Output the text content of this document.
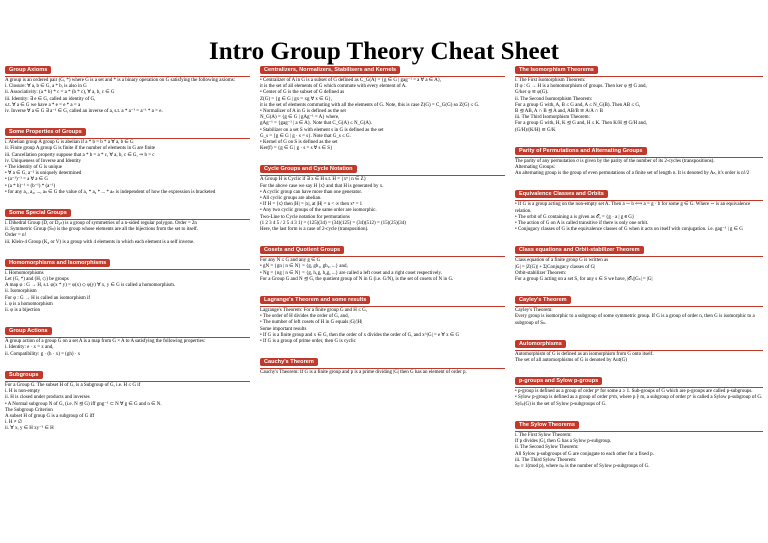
Intro Group Theory Cheat Sheet
Group Axioms
A group is an ordered pair (G, *) where G is a set and * is a binary operation on G satisfying the following axioms:
i. Closure: ∀ a, b ∈ G, a * b, is also in G
ii. Associativity: (a * b) * c = a * (b * c), ∀ a, b, c ∈ G
iii. Identity: ∃ e ∈ G, called an identity of G,
s.t. ∀ a ∈ G we have a * e = e * a = a
iv. Inverse ∀ a ∈ G ∃ a⁻¹ ∈ G, called an inverse of a, s.t. a * a⁻¹ = a⁻¹ * a = e.
Some Properties of Groups
i. Abelian group A group G is abelian if a * b = b * a ∀ a, b ∈ G
ii. Finite group A group G is finite if the number of elements in G are finite
iii. Cancellation property suppose that a * b = a * c, ∀ a, b, c ∈ G, ⇒ b = c
iv. Uniqueness of Inverse and Identity
• The identity of G is unique
• ∀ a ∈ G, a⁻¹ is uniquely determined
• (a⁻¹)⁻¹ = a ∀ a ∈ G
• (a * b)⁻¹ = (b⁻¹) * (a⁻¹)
• for any a₁, a₂, ..., aₙ ∈ G the value of a₁ * a₂ * ... * aₙ is independent of how the expression is bracketed
Some Special Groups
i. Dihedral Group (D, or D₂ₙ) is a group of symmetries of a n-sided regular polygon. Order = 2n
ii. Symmetric Group (Sₙ) is the group whose elements are all the bijections from the set to itself.
Order = n!
iii. Klein-4 Group (K₄ or V) is a group with 4 elements in which each element is a self inverse.
Homomorphisms and Isomorphisms
i. Homomorphisms
Let (G, *) and (H, ◇) be groups
A map φ : G → H, s.t. φ(x * y) = φ(x) ◇ φ(y) ∀ x, y ∈ G is called a homomorphism.
ii. Isomorphism
For φ : G → H is called an isomorphism if
i. φ is a homomorphism
ii. φ is a bijection
Group Actions
A group action of a group G on a set A is a map from G × A to A satisfying the following properties:
i. Identity: e · x = x and,
ii. Compatibility: g · (h · x) = (gh) · x
Subgroups
For a Group G. The subset H of G, is a Subgroup of G, i.e. H ≤ G if
i. H is non-empty
ii. H is closed under products and inverses
• A Normal subgroup N of G, (i.e. N ⊴ G) iff gng⁻¹ ⊂ N ∀ g ∈ G and n ∈ N.
The Subgroup Criterion
A subset H of group G is a subgroup of G iff
i. H ≠ ∅
ii. ∀ x, y ∈ H xy⁻¹ ∈ H
Centralizers, Normalizers, Stabilisers and Kernels
• Centralizer of A in G is a subset of G defined as C_G(A) = {g ∈ G | gag⁻¹ = a ∀ a ∈ A},
it is the set of all elements of G which commute with every element of A.
• Center of G is the subset of G defined as
Z(G) = {g ∈ G | gx = xg ∀ x ∈ G},
it is the set of elements commuting with all the elements of G. Note, this is case Z(G) = C_G(G) so Z(G) ≤ G.
• Normalizer of A in G is defined as the set
N_G(A) = {g ∈ G | gAg⁻¹ = A} where,
gAg⁻¹ = {gag⁻¹ | a ∈ A}. Note that C_G(A) ≤ N_G(A).
• Stabilizer on a set S with element s in G is defined as the set
G_s = {g ∈ G | g · s = s}. Note that G_s ≤ G.
• Kernel of G on S is defined as the set
Ker(f) = {g ∈ G | g · s = s ∀ s ∈ S}
Cycle Groups and Cycle Notation
A Group H is Cyclic if ∃ x ∈ H s.t. H = {xⁿ | n ∈ Z}
For the above case we say H ⟨x⟩ and that H is generated by x.
• A cyclic group can have more than one generator.
• All cyclic groups are abelian.
• If H = ⟨x⟩ then |H| = |x|, at |H| = n < ∞ then xⁿ = 1
• Any two cyclic groups of the same order are isomorphic.
Two-Line to Cycle notation for permutations
(1 2 3 4 5 / 2 5 4 3 1) = (125)(34) = (34)(125) = (34)(512) = (15)(25)(34)
Here, the last form is a case of 2-cycle (transposition).
Cosets and Quotient Groups
For any N ≤ G and any g ∈ G
• gN = {gn | n ∈ N} = {g, gh₁, gh₂, ...} and,
• Ng = {ng | n ∈ N} = {g, h₁g, h₂g, ...} are called a left coset and a right coset respectively.
For a Group G and N ⊴ G, the quotient group of N in G (i.e. G/N), is the set of cosets of N in G.
Lagrange's Theorem and some results
Lagrange's Theorem: For a finite group G and H ≤ G,
• The order of H divides the order of G, and,
• The number of left cosets of H in G equals |G|/|H|
Some important results
• If G is a finite group and x ∈ G, then the order of x divides the order of G, and x^|G| = e ∀ x ∈ G
• If G is a group of prime order, then G is cyclic
Cauchy's Theorem
Cauchy's Theorem: If G is a finite group and p is a prime dividing |G| then G has an element of order p.
The Isomorphism Theorems
i. The First Isomorphism Theorem:
If φ : G → H is a homomorphism of groups. Then ker φ ⊴ G and,
G/ker φ ≅ φ(G).
ii. The Second Isomorphism Theorem:
For a group G with, A, B ≤ G and, A ≤ N_G(B). Then AB ≤ G,
B ⊴ AB, A ∩ B ⊴ A and, AB/B ≅ A/A ∩ B
iii. The Third Isomorphism Theorem:
For a group G with, H, K ⊴ G and, H ≤ K. Then K/H ⊴ G/H and,
(G/H)/(K/H) ≅ G/K
Parity of Permutations and Alternating Groups
The parity of any permutation σ is given by the parity of the number of its 2-cycles (transpositions).
Alternating Groups:
An alternating group is the group of even permutations of a finite set of length n. It is denoted by Aₙ, it's order is n!/2
Equivalence Classes and Orbits
• If G is a group acting on the non-empty set A. Then a ∼ b ⟺ a = g · b for some g ∈ G. Where ∼ is an equivalence relation.
• The orbit of G containing a is given as 𝒪ₐ = {g · a | g ∈ G}
• The action of G on A is called transitive if there is only one orbit.
• Conjugacy classes of G is the equivalence classes of G when it acts on itself with conjugation. i.e. gag⁻¹ | g ∈ G
Class equations and Orbit-stabilizer Theorem
Class equation of a finite group G is written as
|G| = |Z(G)| + Σ|Conjugacy classes of G|
Orbit-stabilizer Theorem:
For a group G acting on a set S, for any s ∈ S we have, |𝒪ₛ||Gₛ| = |G|
Cayley's Theorem
Cayley's Theorem:
Every group is isomorphic to a subgroup of some symmetric group. If G is a group of order n, then G is isomorphic to a subgroup of Sₙ.
Automorphisms
Automorphism of G is defined as an isomorphism from G onto itself.
The set of all automorphisms of G is denoted by Aut(G)
p-groups and Sylow p-groups
• p-group is defined as a group of order pⁿ for some a ≥ 1. Sub-groups of G which are p-groups are called p-subgroups.
• Sylow p-group is defined as a group of order pᵅm, where p ∤ m, a subgroup of order pᵅ is called a Sylow p-subgroup of G. Sylₚ(G) is the set of Sylow p-subgroups of G.
The Sylow Theorems
i. The First Sylow Theorem:
If p divides |G|, then G has a Sylow p-subgroup.
ii. The Second Sylow Theorem:
All Sylow p-subgroups of G are conjugate to each other for a fixed p.
iii. The Third Sylow Theorem:
nₚ ≡ 1(mod p), where nₚ is the number of Sylow p-subgroups of G.
